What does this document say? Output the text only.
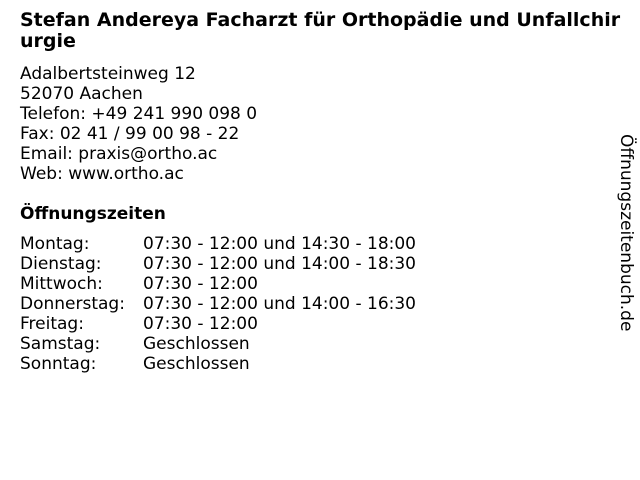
Stefan Andereya Facharzt für Orthopädie und Unfallchirurgie
Adalbertsteinweg 12
52070 Aachen
Telefon: +49 241 990 098 0
Fax: 02 41 / 99 00 98 - 22
Email: praxis@ortho.ac
Web: www.ortho.ac
Öffnungszeiten
Montag:	07:30 - 12:00 und 14:30 - 18:00
Dienstag: 07:30 - 12:00 und 14:00 - 18:30
Mittwoch: 07:30 - 12:00
Donnerstag: 07:30 - 12:00 und 14:00 - 16:30
Freitag:	07:30 - 12:00
Samstag:	Geschlossen
Sonntag:	Geschlossen
Öffnungszeitenbuch.de
